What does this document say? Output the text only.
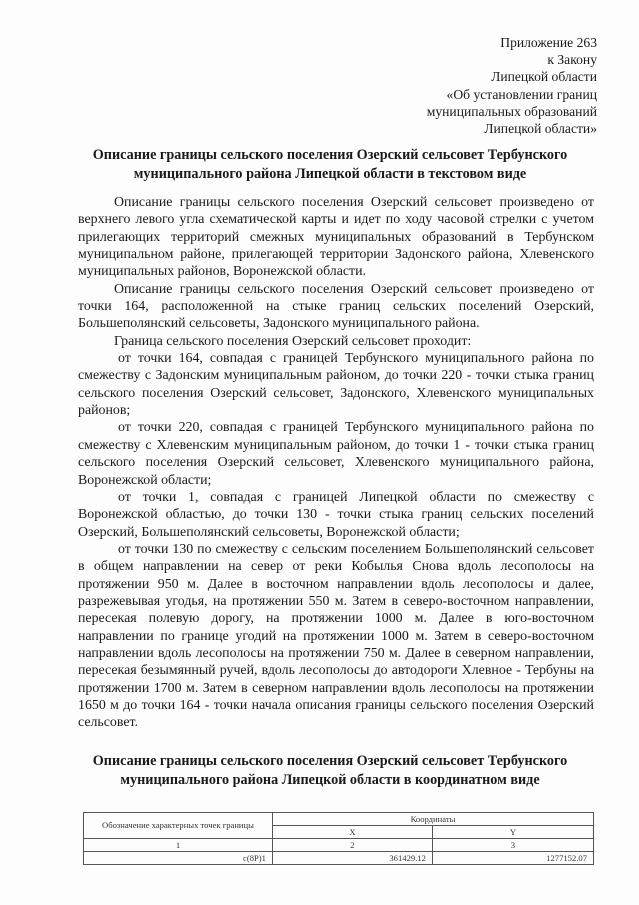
Приложение 263
к Закону
Липецкой области
«Об установлении границ
муниципальных образований
Липецкой области»
Описание границы сельского поселения Озерский сельсовет Тербунского
муниципального района Липецкой области в текстовом виде

Описание границы сельского поселения Озерский сельсовет произведено от верхнего левого угла схематической карты и идет по ходу часовой стрелки с учетом прилегающих территорий смежных муниципальных образований в Тербунском муниципальном районе, прилегающей территории Задонского района, Хлевенского муниципальных районов, Воронежской области.

Описание границы сельского поселения Озерский сельсовет произведено от точки 164, расположенной на стыке границ сельских поселений Озерский, Большеполянский сельсоветы, Задонского муниципального района.

Граница сельского поселения Озерский сельсовет проходит:

от точки 164, совпадая с границей Тербунского муниципального района по смежеству с Задонским муниципальным районом, до точки 220 - точки стыка границ сельского поселения Озерский сельсовет, Задонского, Хлевенского муниципальных районов;

от точки 220, совпадая с границей Тербунского муниципального района по смежеству с Хлевенским муниципальным районом, до точки 1 - точки стыка границ сельского поселения Озерский сельсовет, Хлевенского муниципального района, Воронежской области;

от точки 1, совпадая с границей Липецкой области по смежеству с Воронежской областью, до точки 130 - точки стыка границ сельских поселений Озерский, Большеполянский сельсоветы, Воронежской области;

от точки 130 по смежеству с сельским поселением Большеполянский сельсовет в общем направлении на север от реки Кобылья Снова вдоль лесополосы на протяжении 950 м. Далее в восточном направлении вдоль лесополосы и далее, разрежевывая угодья, на протяжении 550 м. Затем в северо-восточном направлении, пересекая полевую дорогу, на протяжении 1000 м. Далее в юго-восточном направлении по границе угодий на протяжении 1000 м. Затем в северо-восточном направлении вдоль лесополосы на протяжении 750 м. Далее в северном направлении, пересекая безымянный ручей, вдоль лесополосы до автодороги Хлевное - Тербуны на протяжении 1700 м. Затем в северном направлении вдоль лесополосы на протяжении 1650 м до точки 164 - точки начала описания границы сельского поселения Озерский сельсовет.

Описание границы сельского поселения Озерский сельсовет Тербунского
муниципального района Липецкой области в координатном виде
Обозначение характерных точек границы	Координаты	
	X	Y
1	2	3
c(8P)1	361429.12	1277152.07
